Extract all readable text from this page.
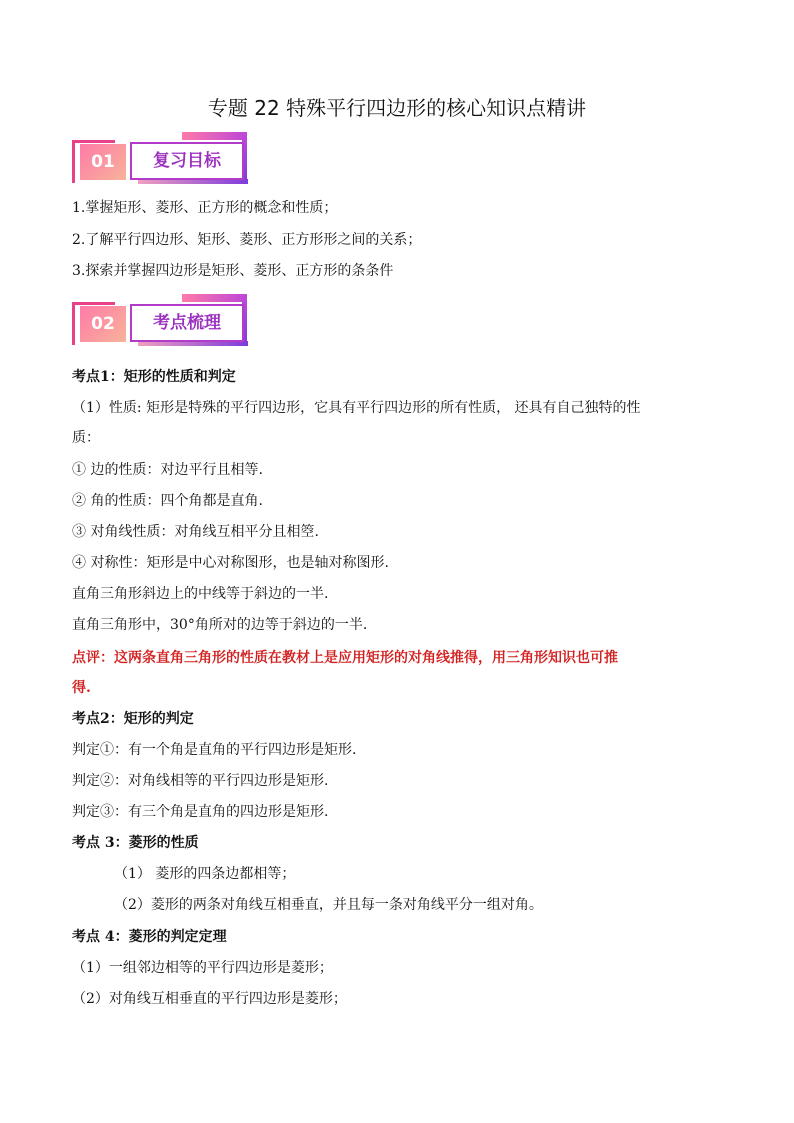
专题 22 特殊平行四边形的核心知识点精讲
01	复习目标
1.掌握矩形、菱形、正方形的概念和性质；
2.了解平行四边形、矩形、菱形、正方形形之间的关系；
3.探索并掌握四边形是矩形、菱形、正方形的条条件
02	考点梳理
考点1：矩形的性质和判定
（1）性质: 矩形是特殊的平行四边形，它具有平行四边形的所有性质， 还具有自己独特的性
质：
① 边的性质：对边平行且相等.
② 角的性质：四个角都是直角.
③ 对角线性质：对角线互相平分且相箜.
④ 对称性：矩形是中心对称图形，也是轴对称图形.
直角三角形斜边上的中线等于斜边的一半.
直角三角形中，30°角所对的边等于斜边的一半.
点评：这两条直角三角形的性质在教材上是应用矩形的对角线推得，用三角形知识也可推
得.
考点2：矩形的判定
判定①：有一个角是直角的平行四边形是矩形.
判定②：对角线相等的平行四边形是矩形.
判定③：有三个角是直角的四边形是矩形.
考点 3：菱形的性质
（1） 菱形的四条边都相等；
（2）菱形的两条对角线互相垂直，并且每一条对角线平分一组对角。
考点 4：菱形的判定定理
（1）一组邻边相等的平行四边形是菱形；
（2）对角线互相垂直的平行四边形是菱形；
